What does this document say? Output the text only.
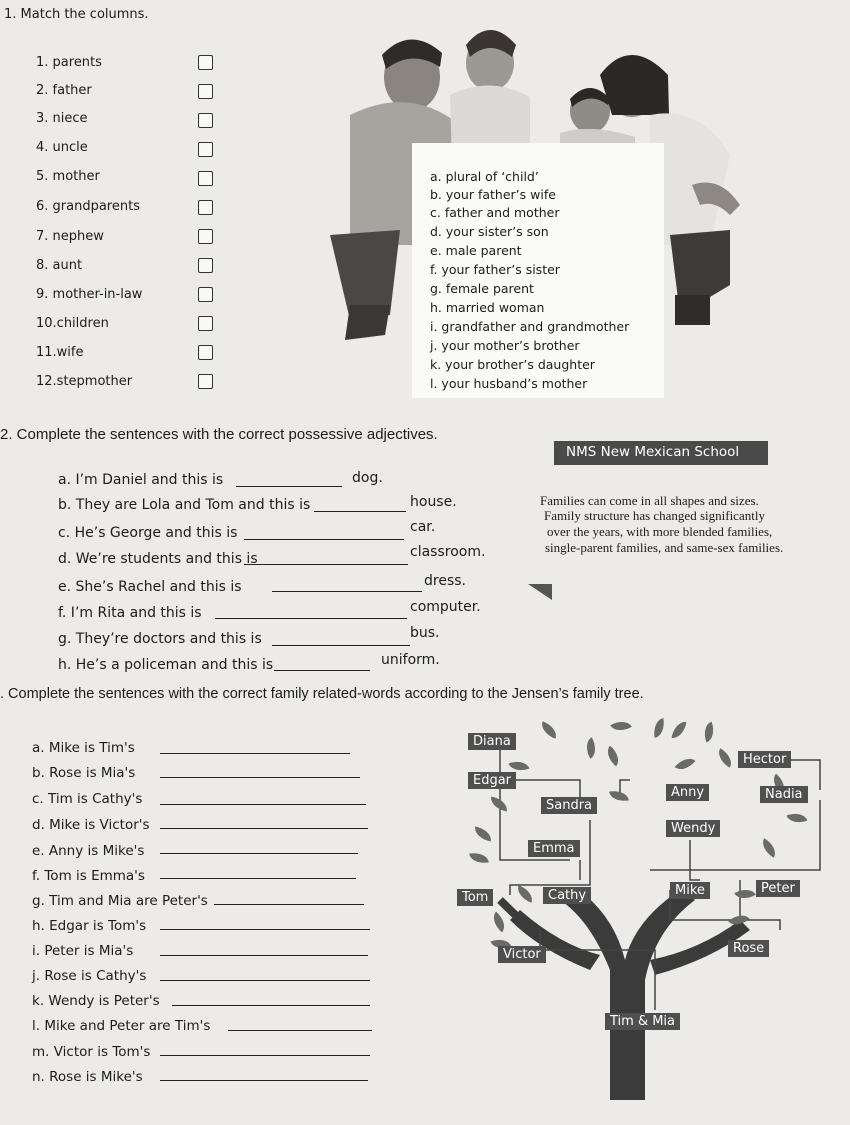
1. Match the columns.
1. parents
2. father
3. niece
4. uncle
5. mother
6. grandparents
7. nephew
8. aunt
9. mother-in-law
10.children
11.wife
12.stepmother
a. plural of ‘child’
b. your father’s wife
c. father and mother
d. your sister’s son
e. male parent
f. your father’s sister
g. female parent
h. married woman
i. grandfather and grandmother
j. your mother’s brother
k. your brother’s daughter
l. your husband’s mother
2. Complete the sentences with the correct possessive adjectives.
NMS New Mexican School
a. I’m Daniel and this is	dog.
b. They are Lola and Tom and this is	house.
c. He’s George and this is	car.
d. We’re students and this is	classroom.
e. She’s Rachel and this is	dress.
f. I’m Rita and this is	computer.
g. They’re doctors and this is	bus.
h. He’s a policeman and this is	uniform.
Families can come in all shapes and sizes.
Family structure has changed significantly
over the years, with more blended families,
single-parent families, and same-sex families.
. Complete the sentences with the correct family related-words according to the Jensen’s family tree.
a. Mike is Tim's
b. Rose is Mia's
c. Tim is Cathy's
d. Mike is Victor's
e. Anny is Mike's
f. Tom is Emma's
g. Tim and Mia are Peter's
h. Edgar is Tom's
i. Peter is Mia's
j. Rose is Cathy's
k. Wendy is Peter's
l. Mike and Peter are Tim's
m. Victor is Tom's
n. Rose is Mike's
Diana
Hector
Edgar
Anny	Nadia
Sandra
Wendy
Emma
Tom	Cathy	Mike	Peter
Victor	Rose
Tim & Mia
